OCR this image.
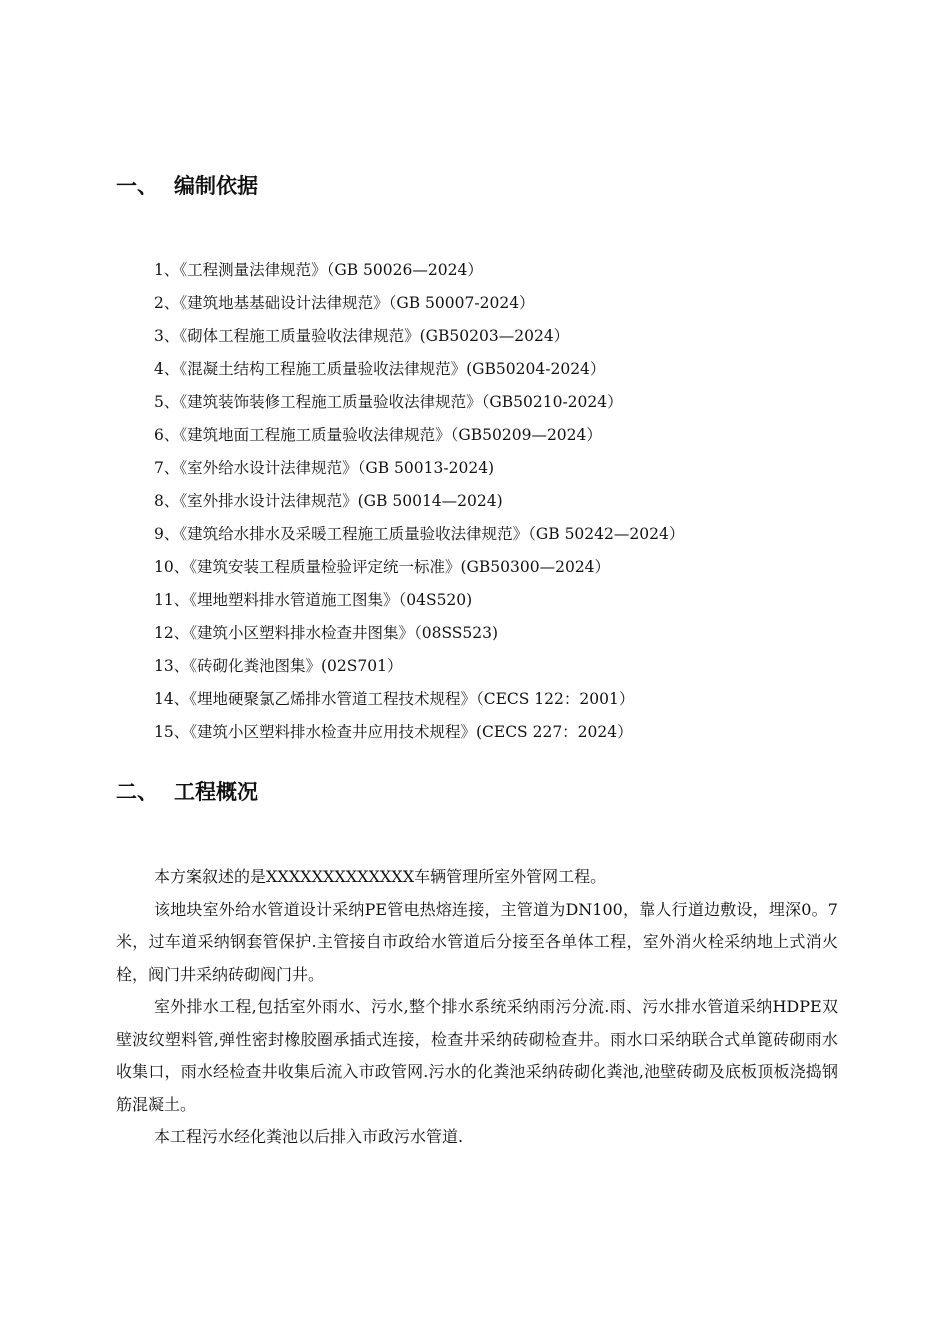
一、 编制依据
1、《工程测量法律规范》（GB 50026—2024）
2、《建筑地基基础设计法律规范》（GB 50007-2024）
3、《砌体工程施工质量验收法律规范》(GB50203—2024）
4、《混凝土结构工程施工质量验收法律规范》(GB50204-2024）
5、《建筑装饰装修工程施工质量验收法律规范》（GB50210-2024）
6、《建筑地面工程施工质量验收法律规范》（GB50209—2024）
7、《室外给水设计法律规范》（GB 50013-2024)
8、《室外排水设计法律规范》(GB 50014—2024)
9、《建筑给水排水及采暖工程施工质量验收法律规范》（GB 50242—2024）
10、《建筑安装工程质量检验评定统一标准》(GB50300—2024）
11、《埋地塑料排水管道施工图集》（04S520)
12、《建筑小区塑料排水检查井图集》（08SS523)
13、《砖砌化粪池图集》(02S701）
14、《埋地硬聚氯乙烯排水管道工程技术规程》（CECS 122：2001）
15、《建筑小区塑料排水检查井应用技术规程》(CECS 227：2024）
二、 工程概况

本方案叙述的是XXXXXXXXXXXXX车辆管理所室外管网工程。

该地块室外给水管道设计采纳PE管电热熔连接，主管道为DN100，靠人行道边敷设，埋深0。7米，过车道采纳钢套管保护.主管接自市政给水管道后分接至各单体工程，室外消火栓采纳地上式消火栓，阀门井采纳砖砌阀门井。

室外排水工程,包括室外雨水、污水,整个排水系统采纳雨污分流.雨、污水排水管道采纳HDPE双壁波纹塑料管,弹性密封橡胶圈承插式连接，检查井采纳砖砌检查井。雨水口采纳联合式单篦砖砌雨水收集口，雨水经检查井收集后流入市政管网.污水的化粪池采纳砖砌化粪池,池壁砖砌及底板顶板浇捣钢筋混凝土。

本工程污水经化粪池以后排入市政污水管道.
